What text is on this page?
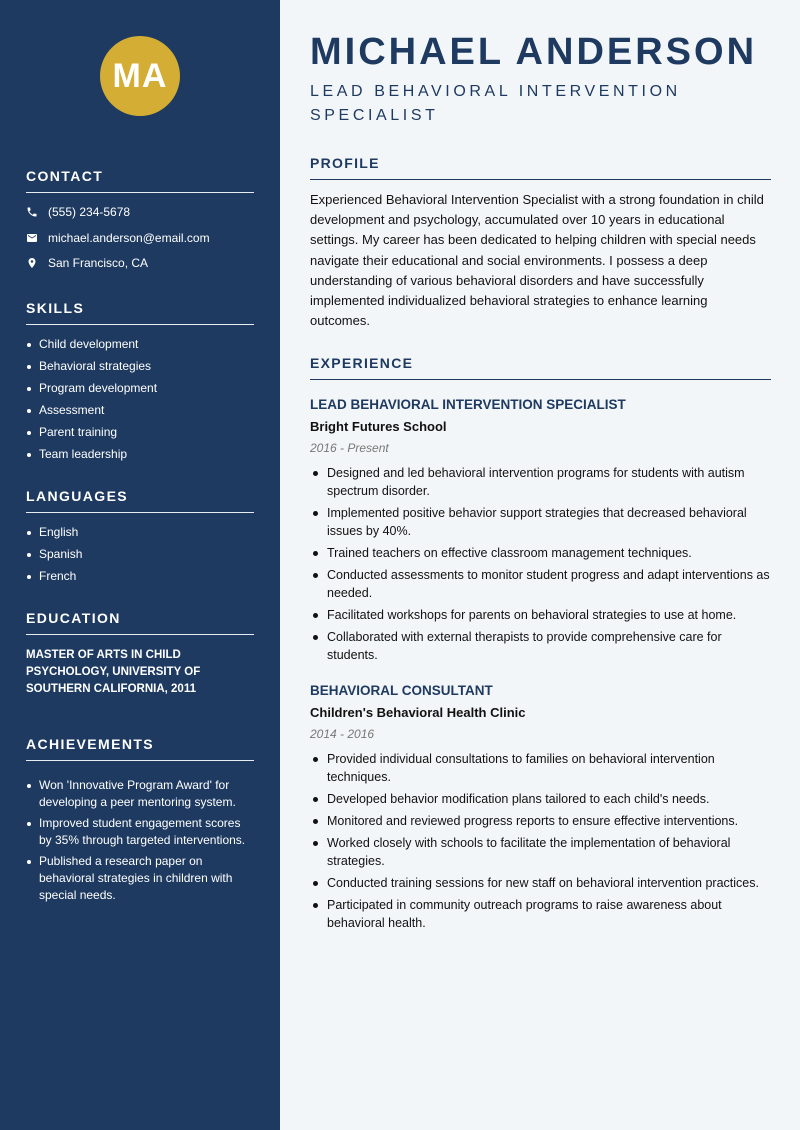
MA
CONTACT
(555) 234-5678
michael.anderson@email.com
San Francisco, CA
SKILLS
Child development
Behavioral strategies
Program development
Assessment
Parent training
Team leadership
LANGUAGES
English
Spanish
French
EDUCATION
MASTER OF ARTS IN CHILD PSYCHOLOGY, UNIVERSITY OF SOUTHERN CALIFORNIA, 2011
ACHIEVEMENTS
Won 'Innovative Program Award' for developing a peer mentoring system.
Improved student engagement scores by 35% through targeted interventions.
Published a research paper on behavioral strategies in children with special needs.
MICHAEL ANDERSON
LEAD BEHAVIORAL INTERVENTION SPECIALIST
PROFILE

Experienced Behavioral Intervention Specialist with a strong foundation in child development and psychology, accumulated over 10 years in educational settings. My career has been dedicated to helping children with special needs navigate their educational and social environments. I possess a deep understanding of various behavioral disorders and have successfully implemented individualized behavioral strategies to enhance learning outcomes.

EXPERIENCE
LEAD BEHAVIORAL INTERVENTION SPECIALIST
Bright Futures School
2016 - Present
Designed and led behavioral intervention programs for students with autism spectrum disorder.
Implemented positive behavior support strategies that decreased behavioral issues by 40%.
Trained teachers on effective classroom management techniques.
Conducted assessments to monitor student progress and adapt interventions as needed.
Facilitated workshops for parents on behavioral strategies to use at home.
Collaborated with external therapists to provide comprehensive care for students.
BEHAVIORAL CONSULTANT
Children's Behavioral Health Clinic
2014 - 2016
Provided individual consultations to families on behavioral intervention techniques.
Developed behavior modification plans tailored to each child's needs.
Monitored and reviewed progress reports to ensure effective interventions.
Worked closely with schools to facilitate the implementation of behavioral strategies.
Conducted training sessions for new staff on behavioral intervention practices.
Participated in community outreach programs to raise awareness about behavioral health.
